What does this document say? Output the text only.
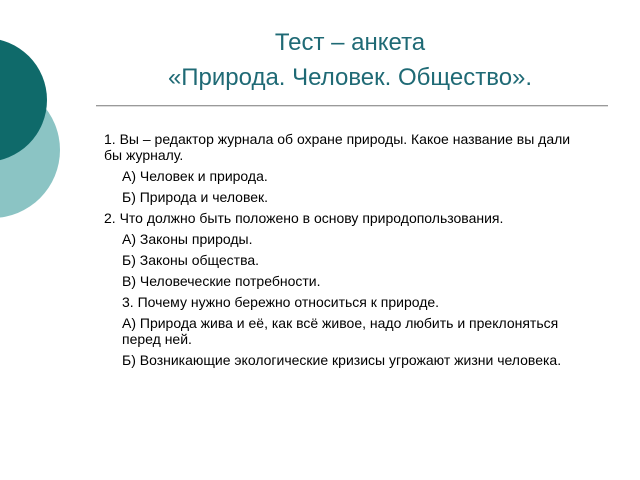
Тест – анкета
«Природа. Человек. Общество».

1. Вы – редактор журнала об охране природы. Какое название вы дали бы журналу.

А) Человек и природа.

Б) Природа и человек.

2. Что должно быть положено в основу природопользования.

А) Законы природы.

Б) Законы общества.

В) Человеческие потребности.

3. Почему нужно бережно относиться к природе.

А) Природа жива и её, как всё живое, надо любить и преклоняться перед ней.

Б) Возникающие экологические кризисы угрожают жизни человека.
